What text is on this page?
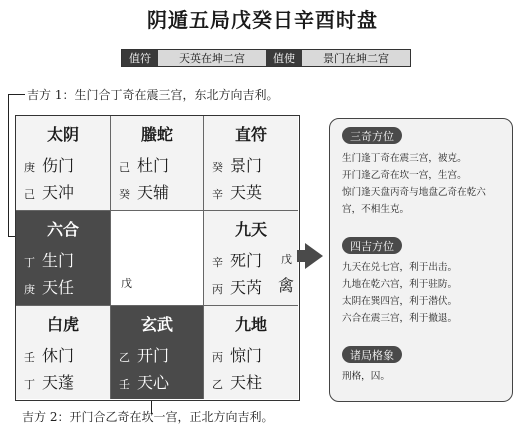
阴遁五局戊癸日辛酉时盘
值符	天英在坤二宫	值使	景门在坤二宫
吉方 1：生门合丁奇在震三宫，东北方向吉利。
太阴
庚 伤门
己 天冲
螣蛇
己 杜门
癸 天辅
直符
癸 景门
辛 天英
六合
丁 生门
庚 天任	戊
九天
辛 死门
丙 天芮
戊
禽
白虎
壬 休门
丁 天蓬
玄武
乙 开门
壬 天心
九地
丙 惊门
乙 天柱
吉方 2：开门合乙奇在坎一宫，正北方向吉利。
三奇方位
生门逢丁奇在震三宫，被克。
开门逢乙奇在坎一宫，生宫。
惊门逢天盘丙奇与地盘乙奇在乾六
宫，不相生克。
四吉方位
九天在兑七宫，利于出击。
九地在乾六宫，利于驻防。
太阴在巽四宫，利于潜伏。
六合在震三宫，利于撤退。
诸局格象
刑格，囚。
